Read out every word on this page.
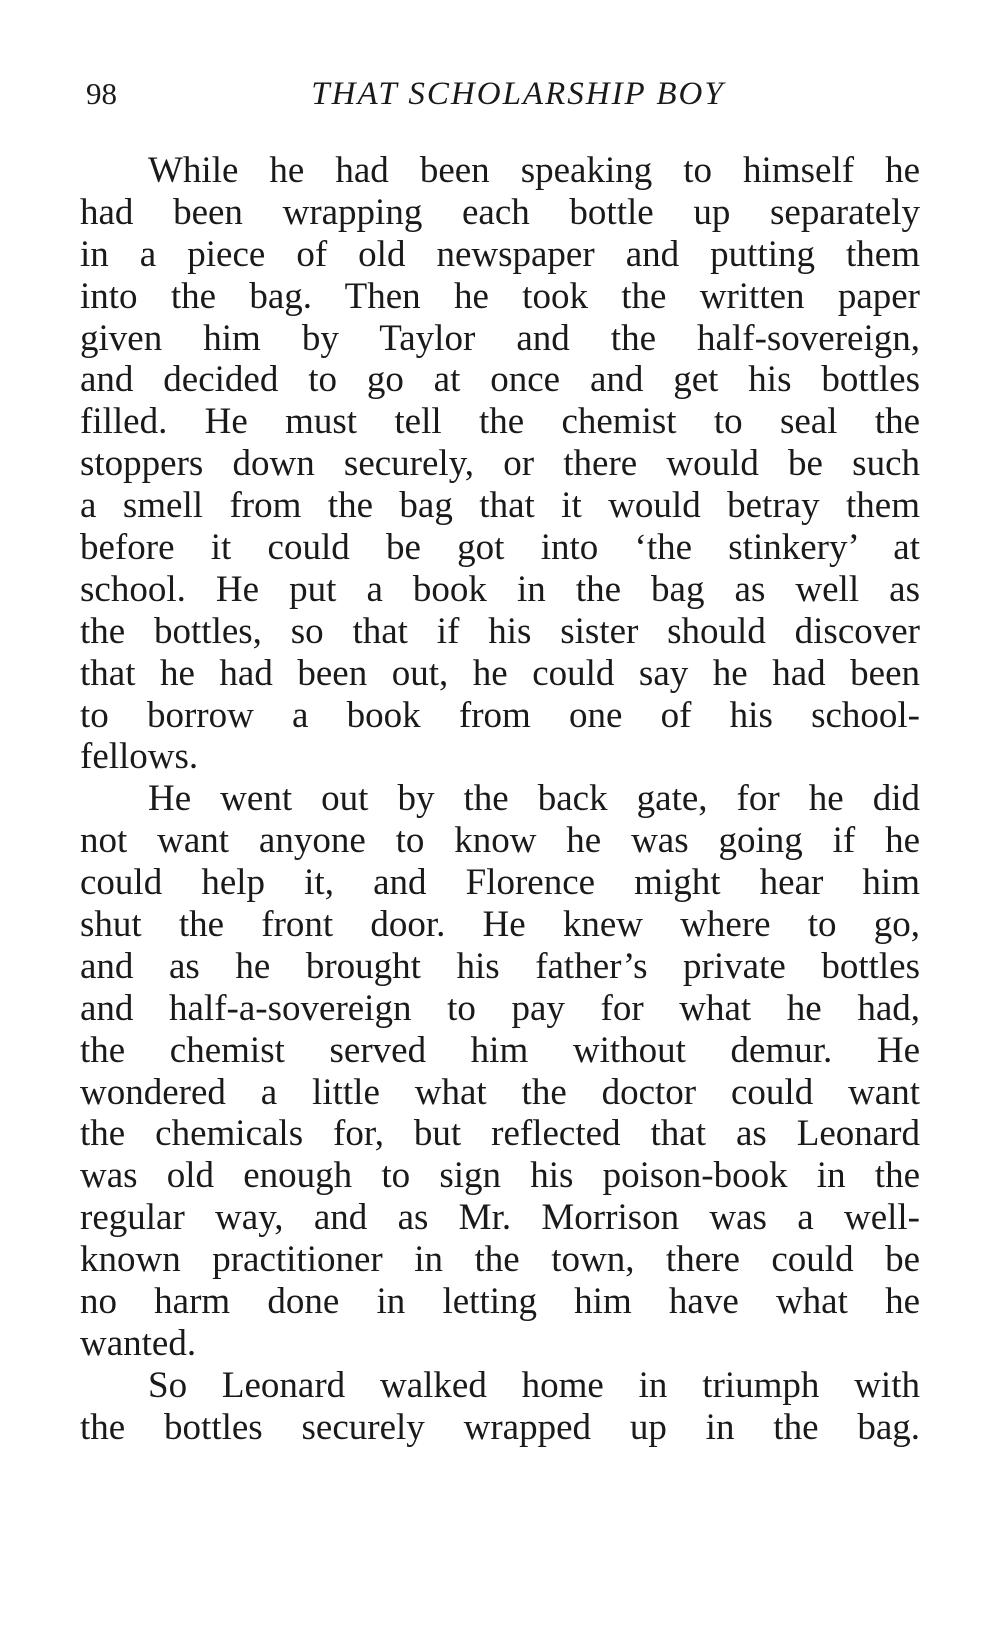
98	THAT SCHOLARSHIP BOY
While he had been speaking to himself he
had been wrapping each bottle up separately
in a piece of old newspaper and putting them
into the bag. Then he took the written paper
given him by Taylor and the half-sovereign,
and decided to go at once and get his bottles
filled. He must tell the chemist to seal the
stoppers down securely, or there would be such
a smell from the bag that it would betray them
before it could be got into ‘the stinkery’ at
school. He put a book in the bag as well as
the bottles, so that if his sister should discover
that he had been out, he could say he had been
to borrow a book from one of his school-
fellows.
He went out by the back gate, for he did
not want anyone to know he was going if he
could help it, and Florence might hear him
shut the front door. He knew where to go,
and as he brought his father’s private bottles
and half-a-sovereign to pay for what he had,
the chemist served him without demur. He
wondered a little what the doctor could want
the chemicals for, but reflected that as Leonard
was old enough to sign his poison-book in the
regular way, and as Mr. Morrison was a well-
known practitioner in the town, there could be
no harm done in letting him have what he
wanted.
So Leonard walked home in triumph with
the bottles securely wrapped up in the bag.
